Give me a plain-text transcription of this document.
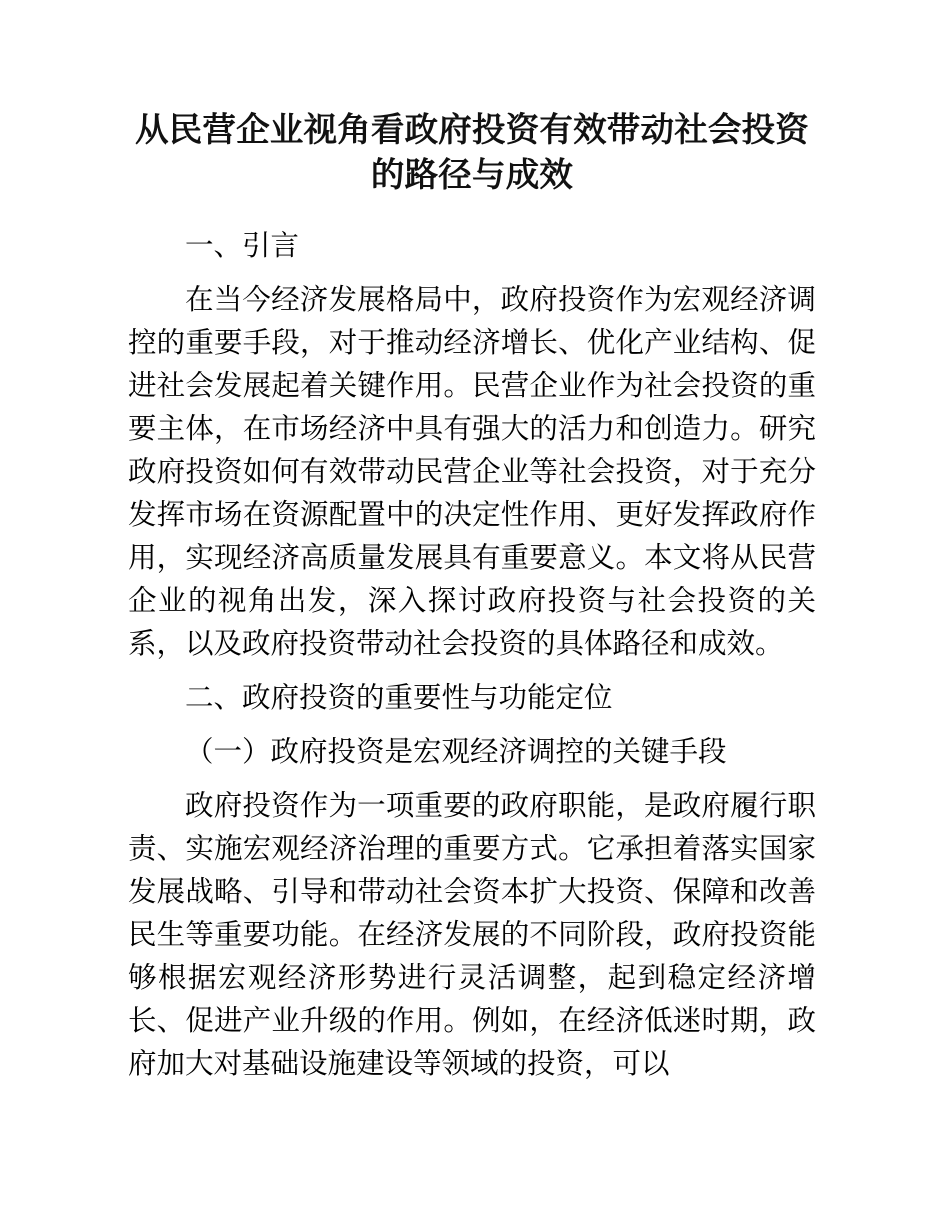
从民营企业视角看政府投资有效带动社会投资的路径与成效
一、引言

在当今经济发展格局中，政府投资作为宏观经济调控的重要手段，对于推动经济增长、优化产业结构、促进社会发展起着关键作用。民营企业作为社会投资的重要主体，在市场经济中具有强大的活力和创造力。研究政府投资如何有效带动民营企业等社会投资，对于充分发挥市场在资源配置中的决定性作用、更好发挥政府作用，实现经济高质量发展具有重要意义。本文将从民营企业的视角出发，深入探讨政府投资与社会投资的关系，以及政府投资带动社会投资的具体路径和成效。

二、政府投资的重要性与功能定位
（一）政府投资是宏观经济调控的关键手段

政府投资作为一项重要的政府职能，是政府履行职责、实施宏观经济治理的重要方式。它承担着落实国家发展战略、引导和带动社会资本扩大投资、保障和改善民生等重要功能。在经济发展的不同阶段，政府投资能够根据宏观经济形势进行灵活调整，起到稳定经济增长、促进产业升级的作用。例如，在经济低迷时期，政府加大对基础设施建设等领域的投资，可以
